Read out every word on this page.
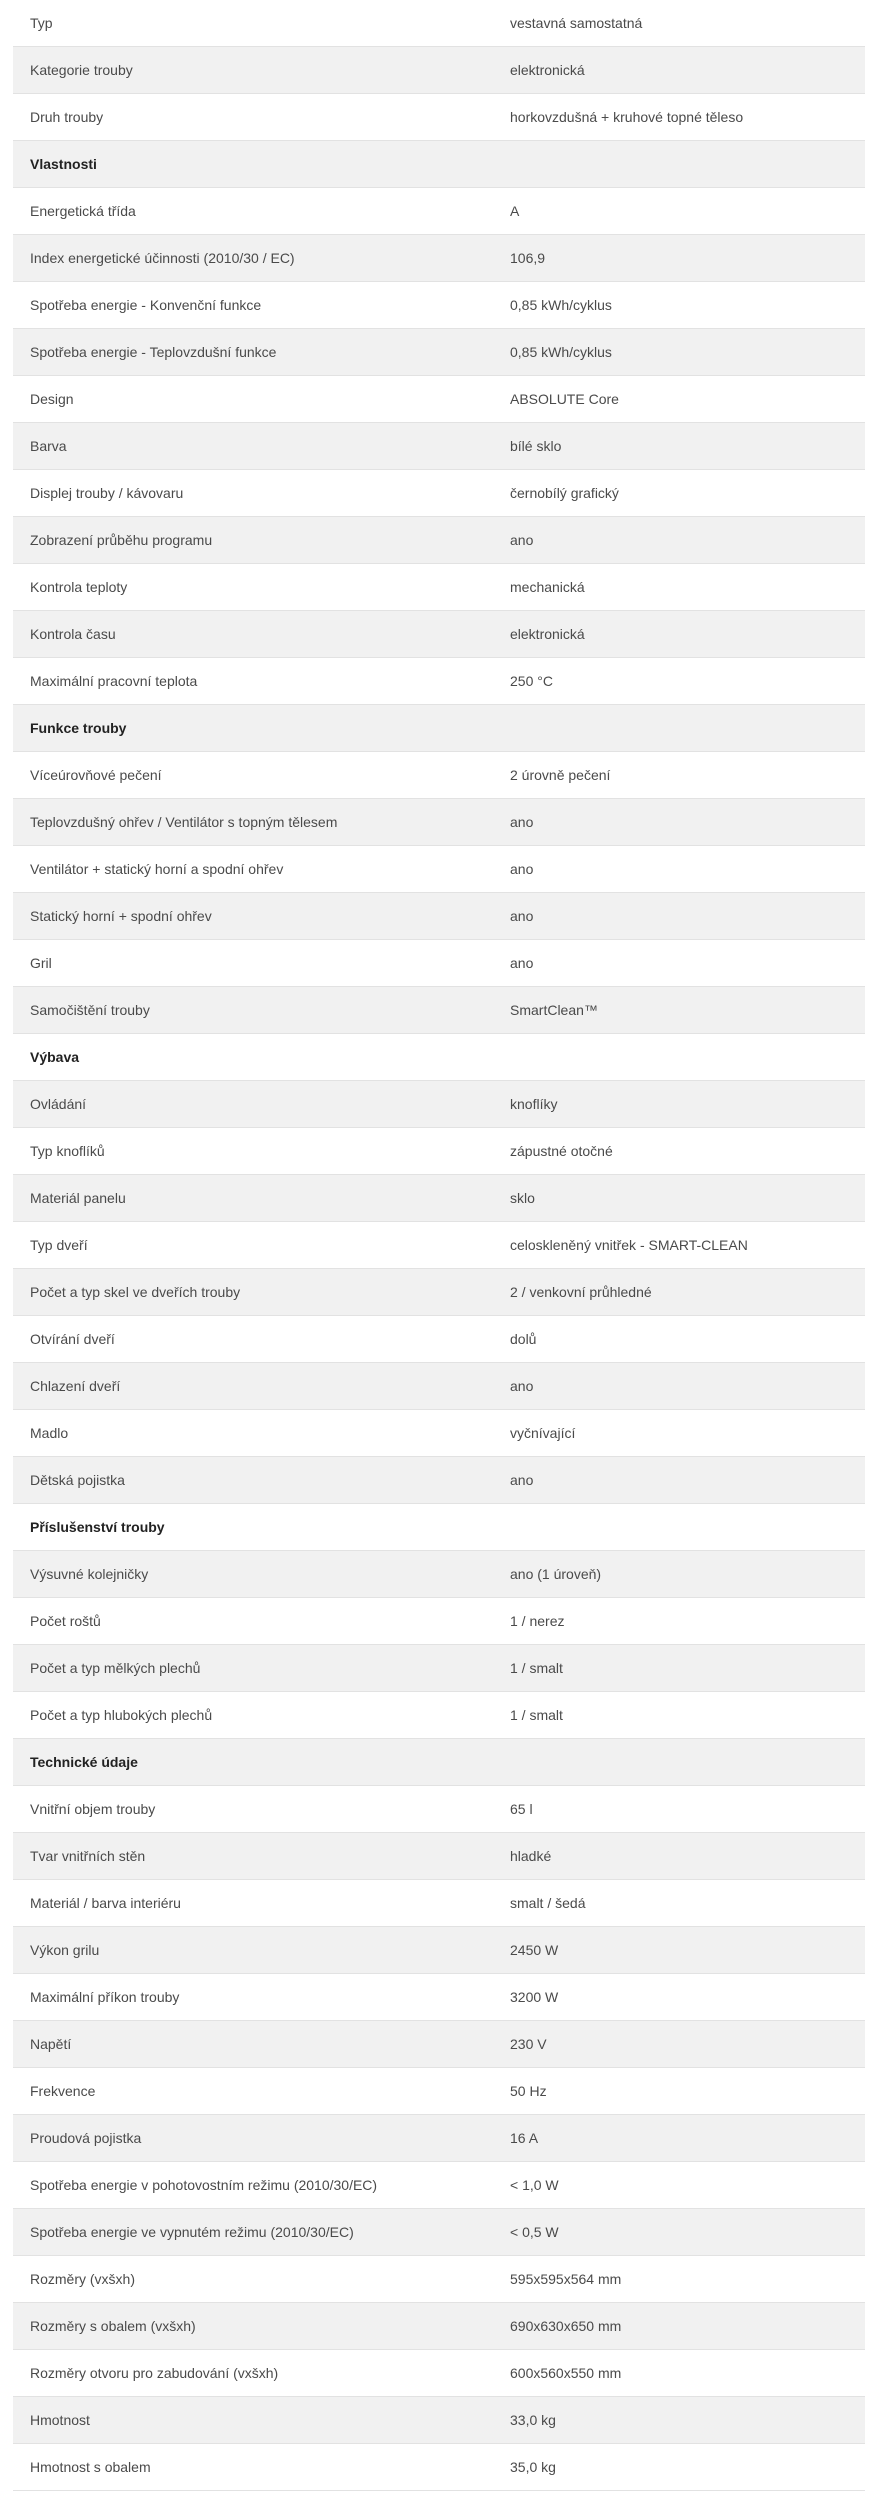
Typ	vestavná samostatná
Kategorie trouby	elektronická
Druh trouby	horkovzdušná + kruhové topné těleso
Vlastnosti
Energetická třída	A
Index energetické účinnosti (2010/30 / EC)	106,9
Spotřeba energie - Konvenční funkce	0,85 kWh/cyklus
Spotřeba energie - Teplovzdušní funkce	0,85 kWh/cyklus
Design	ABSOLUTE Core
Barva	bílé sklo
Displej trouby / kávovaru	černobílý grafický
Zobrazení průběhu programu	ano
Kontrola teploty	mechanická
Kontrola času	elektronická
Maximální pracovní teplota	250 °C
Funkce trouby
Víceúrovňové pečení	2 úrovně pečení
Teplovzdušný ohřev / Ventilátor s topným tělesem	ano
Ventilátor + statický horní a spodní ohřev	ano
Statický horní + spodní ohřev	ano
Gril	ano
Samočištění trouby	SmartClean™
Výbava
Ovládání	knoflíky
Typ knoflíků	zápustné otočné
Materiál panelu	sklo
Typ dveří	celoskleněný vnitřek - SMART-CLEAN
Počet a typ skel ve dveřích trouby	2 / venkovní průhledné
Otvírání dveří	dolů
Chlazení dveří	ano
Madlo	vyčnívající
Dětská pojistka	ano
Příslušenství trouby
Výsuvné kolejničky	ano (1 úroveň)
Počet roštů	1 / nerez
Počet a typ mělkých plechů	1 / smalt
Počet a typ hlubokých plechů	1 / smalt
Technické údaje
Vnitřní objem trouby	65 l
Tvar vnitřních stěn	hladké
Materiál / barva interiéru	smalt / šedá
Výkon grilu	2450 W
Maximální příkon trouby	3200 W
Napětí	230 V
Frekvence	50 Hz
Proudová pojistka	16 A
Spotřeba energie v pohotovostním režimu (2010/30/EC)	< 1,0 W
Spotřeba energie ve vypnutém režimu (2010/30/EC)	< 0,5 W
Rozměry (vxšxh)	595x595x564 mm
Rozměry s obalem (vxšxh)	690x630x650 mm
Rozměry otvoru pro zabudování (vxšxh)	600x560x550 mm
Hmotnost	33,0 kg
Hmotnost s obalem	35,0 kg
